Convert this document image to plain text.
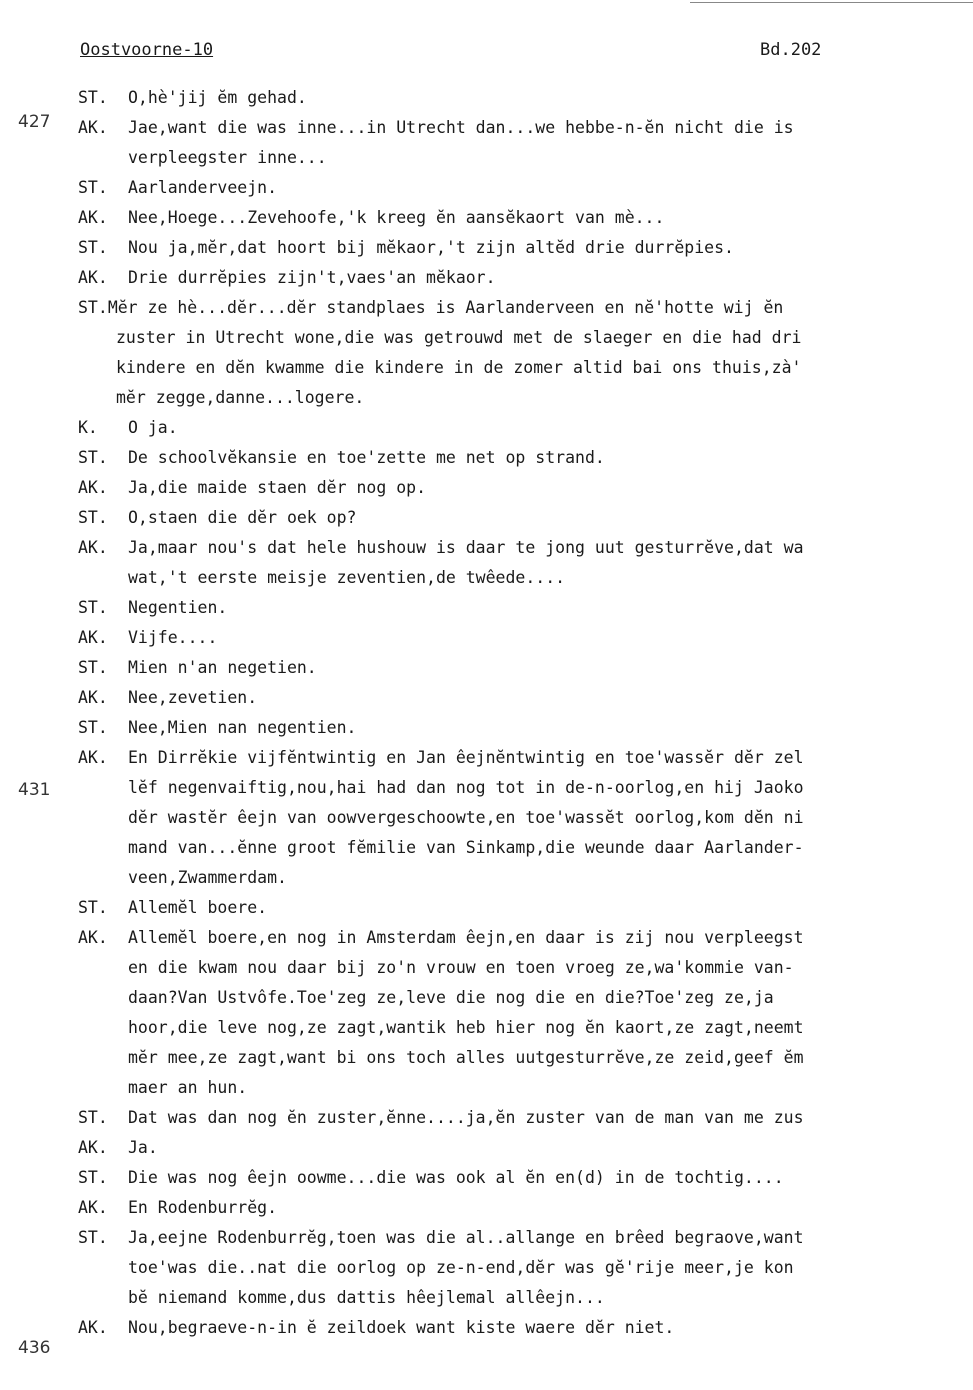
Oostvoorne-10	Bd.202
427
431
436
ST. O,hè'jij ĕm gehad.
AK. Jae,want die was inne...in Utrecht dan...we hebbe-n-ĕn nicht die is
verpleegster inne...
ST. Aarlanderveejn.
AK. Nee,Hoege...Zevehoofe,'k kreeg ĕn aansĕkaort van mè...
ST. Nou ja,mĕr,dat hoort bij mĕkaor,'t zijn altĕd drie durrĕpies.
AK. Drie durrĕpies zijn't,vaes'an mĕkaor.
ST.Mĕr ze hè...dĕr...dĕr standplaes is Aarlanderveen en nĕ'hotte wij ĕn
zuster in Utrecht wone,die was getrouwd met de slaeger en die had dri
kindere en dĕn kwamme die kindere in de zomer altid bai ons thuis,zà'
mĕr zegge,danne...logere.
K. O ja.
ST. De schoolvĕkansie en toe'zette me net op strand.
AK. Ja,die maide staen dĕr nog op.
ST. O,staen die dĕr oek op?
AK. Ja,maar nou's dat hele hushouw is daar te jong uut gesturrĕve,dat wa
wat,'t eerste meisje zeventien,de twêede....
ST. Negentien.
AK. Vijfe....
ST. Mien n'an negetien.
AK. Nee,zevetien.
ST. Nee,Mien nan negentien.
AK. En Dirrĕkie vijfĕntwintig en Jan êejnĕntwintig en toe'wassĕr dĕr zel
lĕf negenvaiftig,nou,hai had dan nog tot in de-n-oorlog,en hij Jaoko
dĕr wastĕr êejn van oowvergeschoowte,en toe'wassĕt oorlog,kom dĕn ni
mand van...ĕnne groot fĕmilie van Sinkamp,die weunde daar Aarlander-
veen,Zwammerdam.
ST. Allemĕl boere.
AK. Allemĕl boere,en nog in Amsterdam êejn,en daar is zij nou verpleegst
en die kwam nou daar bij zo'n vrouw en toen vroeg ze,wa'kommie van-
daan?Van Ustvôfe.Toe'zeg ze,leve die nog die en die?Toe'zeg ze,ja
hoor,die leve nog,ze zagt,wantik heb hier nog ĕn kaort,ze zagt,neemt
mĕr mee,ze zagt,want bi ons toch alles uutgesturrĕve,ze zeid,geef ĕm
maer an hun.
ST. Dat was dan nog ĕn zuster,ĕnne....ja,ĕn zuster van de man van me zus
AK. Ja.
ST. Die was nog êejn oowme...die was ook al ĕn en(d) in de tochtig....
AK. En Rodenburrĕg.
ST. Ja,eejne Rodenburrĕg,toen was die al..allange en brêed begraove,want
toe'was die..nat die oorlog op ze-n-end,dĕr was gĕ'rije meer,je kon
bĕ niemand komme,dus dattis hêejlemal allêejn...
AK. Nou,begraeve-n-in ĕ zeildoek want kiste waere dĕr niet.
